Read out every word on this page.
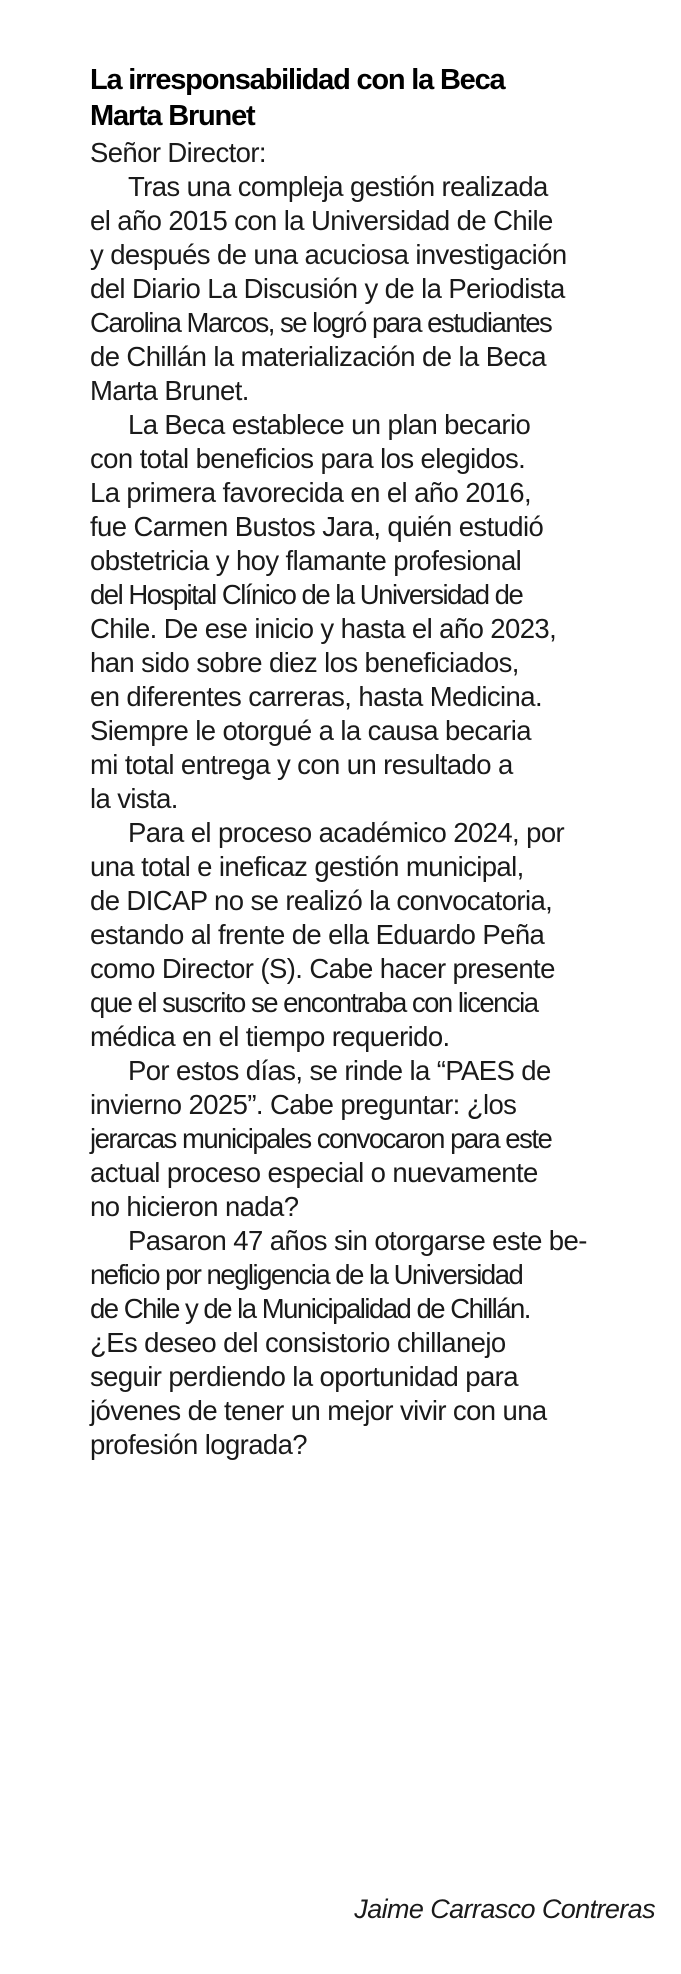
La irresponsabilidad con la Beca
Marta Brunet

Señor Director:

Tras una compleja gestión realizada
el año 2015 con la Universidad de Chile
y después de una acuciosa investigación
del Diario La Discusión y de la Periodista
Carolina Marcos, se logró para estudiantes
de Chillán la materialización de la Beca
Marta Brunet.

La Beca establece un plan becario
con total beneficios para los elegidos.
La primera favorecida en el año 2016,
fue Carmen Bustos Jara, quién estudió
obstetricia y hoy flamante profesional
del Hospital Clínico de la Universidad de
Chile. De ese inicio y hasta el año 2023,
han sido sobre diez los beneficiados,
en diferentes carreras, hasta Medicina.
Siempre le otorgué a la causa becaria
mi total entrega y con un resultado a
la vista.

Para el proceso académico 2024, por
una total e ineficaz gestión municipal,
de DICAP no se realizó la convocatoria,
estando al frente de ella Eduardo Peña
como Director (S). Cabe hacer presente
que el suscrito se encontraba con licencia
médica en el tiempo requerido.

Por estos días, se rinde la “PAES de
invierno 2025”. Cabe preguntar: ¿los
jerarcas municipales convocaron para este
actual proceso especial o nuevamente
no hicieron nada?

Pasaron 47 años sin otorgarse este be-
neficio por negligencia de la Universidad
de Chile y de la Municipalidad de Chillán.
¿Es deseo del consistorio chillanejo
seguir perdiendo la oportunidad para
jóvenes de tener un mejor vivir con una
profesión lograda?

Jaime Carrasco Contreras
